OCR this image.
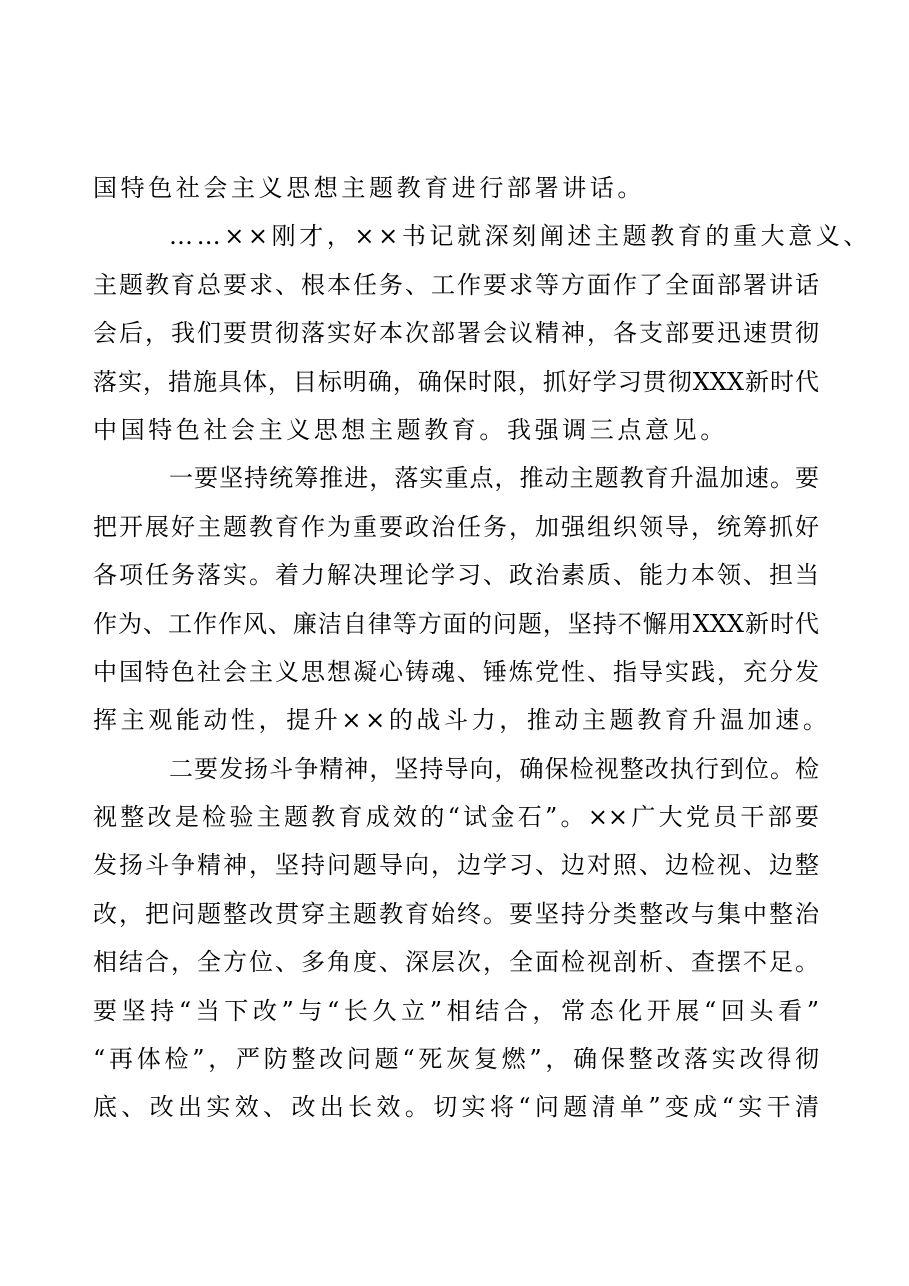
国特色社会主义思想主题教育进行部署讲话。
……××刚才，××书记就深刻阐述主题教育的重大意义、
主题教育总要求、根本任务、工作要求等方面作了全面部署讲话
会后，我们要贯彻落实好本次部署会议精神，各支部要迅速贯彻
落实，措施具体，目标明确，确保时限，抓好学习贯彻XXX新时代
中国特色社会主义思想主题教育。我强调三点意见。
一要坚持统筹推进，落实重点，推动主题教育升温加速。要
把开展好主题教育作为重要政治任务，加强组织领导，统筹抓好
各项任务落实。着力解决理论学习、政治素质、能力本领、担当
作为、工作作风、廉洁自律等方面的问题，坚持不懈用XXX新时代
中国特色社会主义思想凝心铸魂、锤炼党性、指导实践，充分发
挥主观能动性，提升××的战斗力，推动主题教育升温加速。
二要发扬斗争精神，坚持导向，确保检视整改执行到位。检
视整改是检验主题教育成效的“试金石”。××广大党员干部要
发扬斗争精神，坚持问题导向，边学习、边对照、边检视、边整
改，把问题整改贯穿主题教育始终。要坚持分类整改与集中整治
相结合，全方位、多角度、深层次，全面检视剖析、查摆不足。
要坚持“当下改”与“长久立”相结合，常态化开展“回头看”
“再体检”，严防整改问题“死灰复燃”，确保整改落实改得彻
底、改出实效、改出长效。切实将“问题清单”变成“实干清
